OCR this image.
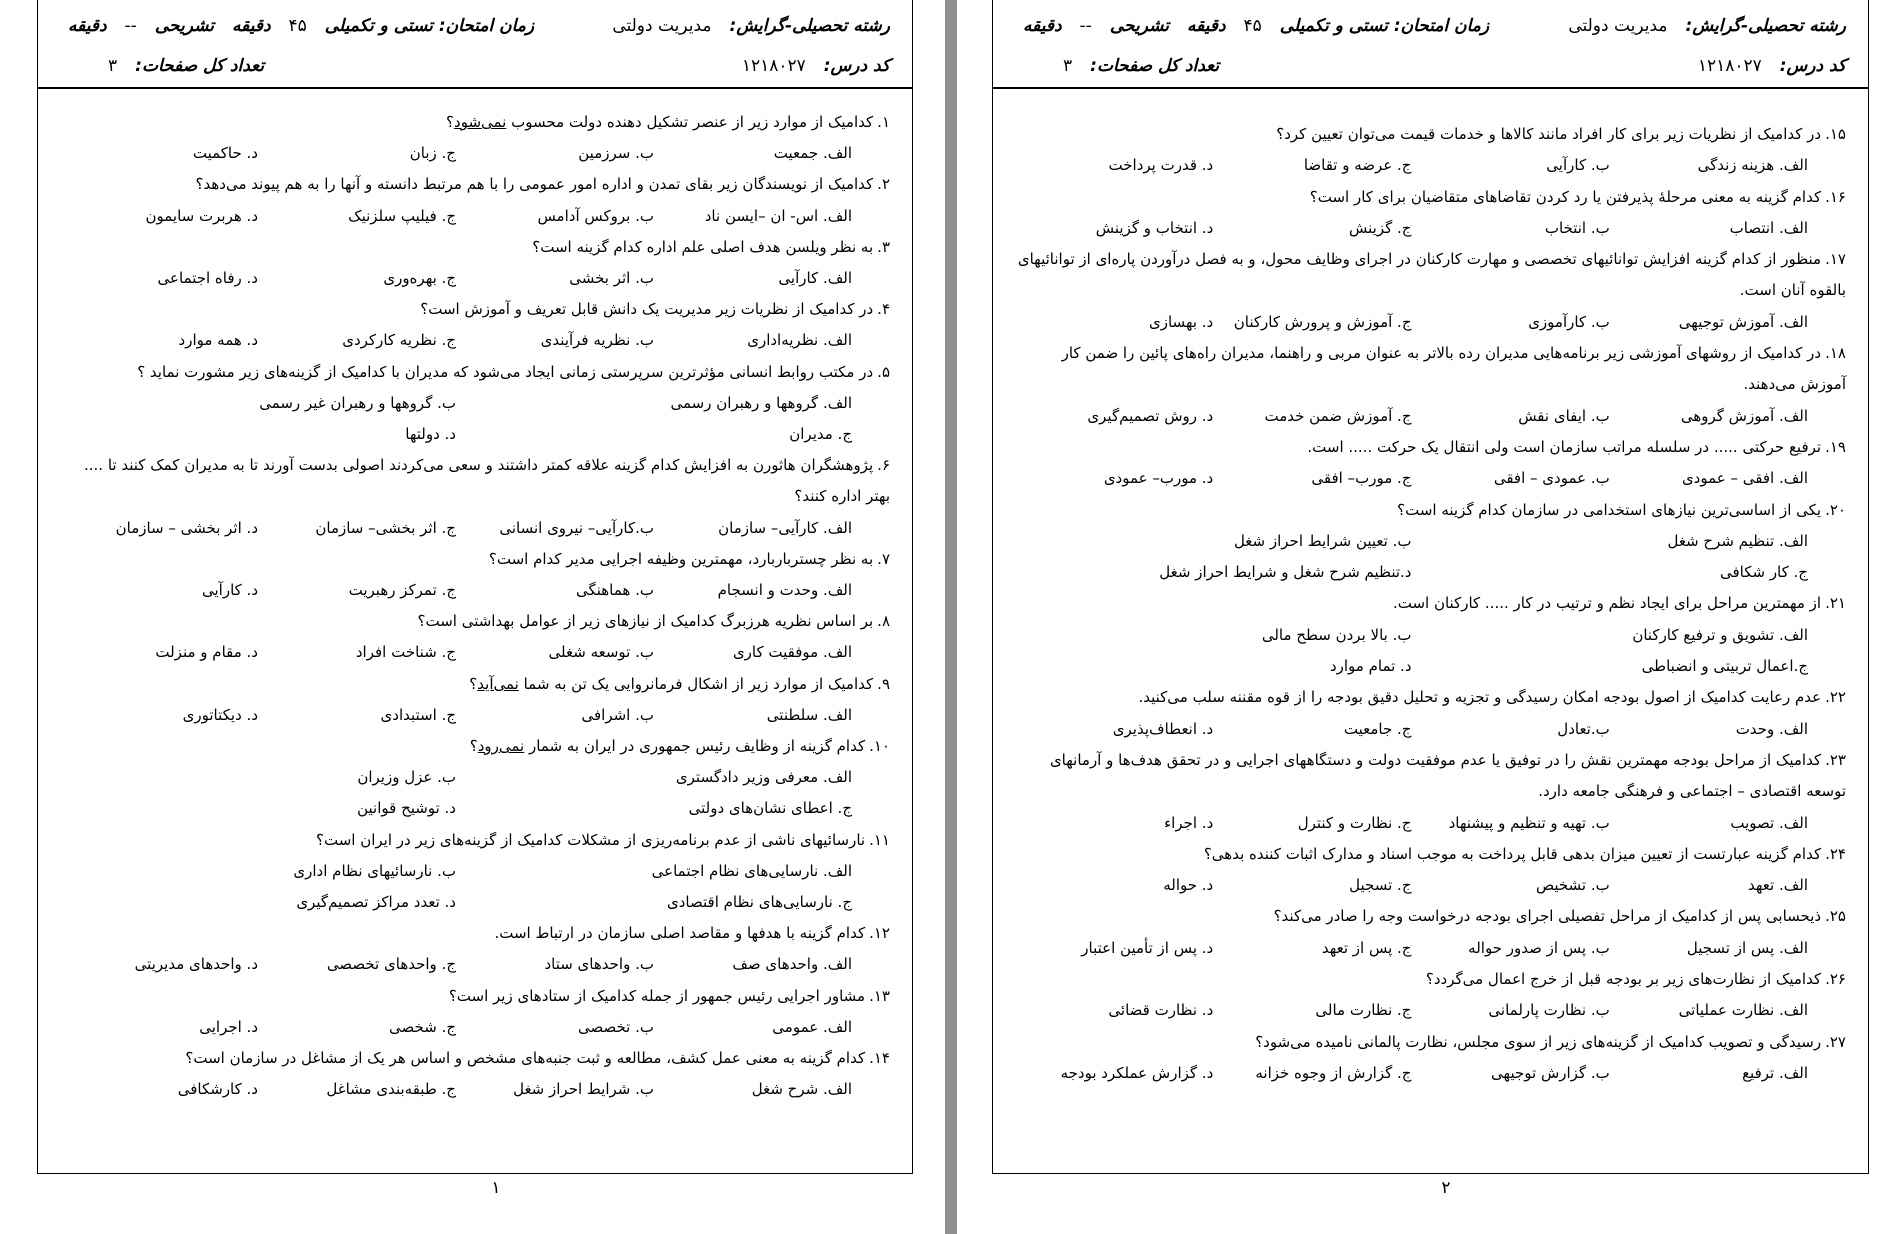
رشته تحصیلی-گرایش:مدیریت دولتی
زمان امتحان: تستی و تکمیلی۴۵دقیقهتشریحی--دقیقه
کد درس:۱۲۱۸۰۲۷
تعداد کل صفحات:۳
۱.کدامیک از موارد زیر از عنصر تشکیل دهنده دولت محسوب نمی‌شود؟
الف. جمعیت
ب. سرزمین
ج. زبان
د. حاکمیت
۲.کدامیک از نویسندگان زیر بقای تمدن و اداره امور عمومی را با هم مرتبط دانسته و آنها را به هم پیوند می‌دهد؟
الف. اس- ان –ایسن ناد
ب. بروکس آدامس
ج. فیلیپ سلزنیک
د. هربرت سایمون
۳.به نظر ویلسن هدف اصلی علم اداره کدام گزینه است؟
الف. کارآیی
ب. اثر بخشی
ج. بهره‌وری
د. رفاه اجتماعی
۴.در کدامیک از نظریات زیر مدیریت یک دانش قابل تعریف و آموزش است؟
الف. نظریه‌اداری
ب. نظریه فرآیندی
ج. نظریه کارکردی
د. همه موارد
۵.در مکتب روابط انسانی مؤثرترین سرپرستی زمانی ایجاد می‌شود که مدیران با کدامیک از گزینه‌های زیر مشورت نماید ؟
الف. گروهها و رهبران رسمی
ب. گروهها و رهبران غیر رسمی
ج. مدیران
د. دولتها
۶.پژوهشگران هاثورن به افزایش کدام گزینه علاقه کمتر داشتند و سعی می‌کردند اصولی بدست آورند تا به مدیران کمک کنند تا .... بهتر اداره کنند؟
الف. کارآیی– سازمان
ب.کارآیی– نیروی انسانی
ج. اثر بخشی– سازمان
د. اثر بخشی – سازمان
۷.به نظر چسترباربارد، مهمترین وظیفه اجرایی مدیر کدام است؟
الف. وحدت و انسجام
ب. هماهنگی
ج. تمرکز رهبریت
د. کارآیی
۸.بر اساس نظریه هرزبرگ کدامیک از نیازهای زیر از عوامل بهداشتی است؟
الف. موفقیت کاری
ب. توسعه شغلی
ج. شناخت افراد
د. مقام و منزلت
۹.کدامیک از موارد زیر از اشکال فرمانروایی یک تن به شما نمی‌آید؟
الف. سلطنتی
ب. اشرافی
ج. استبدادی
د. دیکتاتوری
۱۰.کدام گزینه از وظایف رئیس جمهوری در ایران به شمار نمی‌رود؟
الف. معرفی وزیر دادگستری
ب. عزل وزیران
ج. اعطای نشان‌های دولتی
د. توشیح قوانین
۱۱.نارسائیهای ناشی از عدم برنامه‌ریزی از مشکلات کدامیک از گزینه‌های زیر در ایران است؟
الف. نارسایی‌های نظام اجتماعی
ب. نارسائیهای نظام اداری
ج. نارسایی‌های نظام اقتصادی
د. تعدد مراکز تصمیم‌گیری
۱۲.کدام گزینه با هدفها و مقاصد اصلی سازمان در ارتباط است.
الف. واحدهای صف
ب. واحدهای ستاد
ج. واحدهای تخصصی
د. واحدهای مدیریتی
۱۳.مشاور اجرایی رئیس جمهور از جمله کدامیک از ستادهای زیر است؟
الف. عمومی
ب. تخصصی
ج. شخصی
د. اجرایی
۱۴.کدام گزینه به معنی عمل کشف، مطالعه و ثبت جنبه‌های مشخص و اساس هر یک از مشاغل در سازمان است؟
الف. شرح شغل
ب. شرایط احراز شغل
ج. طبقه‌بندی مشاغل
د. کارشکافی
۱
رشته تحصیلی-گرایش:مدیریت دولتی
زمان امتحان: تستی و تکمیلی۴۵دقیقهتشریحی--دقیقه
کد درس:۱۲۱۸۰۲۷
تعداد کل صفحات:۳
۱۵.در کدامیک از نظریات زیر برای کار افراد مانند کالاها و خدمات قیمت می‌توان تعیین کرد؟
الف. هزینه زندگی
ب. کارآیی
ج. عرضه و تقاضا
د. قدرت پرداخت
۱۶.کدام گزینه به معنی مرحلهٔ پذیرفتن یا رد کردن تقاضاهای متقاضیان برای کار است؟
الف. انتصاب
ب. انتخاب
ج. گزینش
د. انتخاب و گزینش
۱۷.منظور از کدام گزینه افزایش توانائیهای تخصصی و مهارت کارکنان در اجرای وظایف محول، و به فصل درآوردن پاره‌ای از توانائیهای بالقوه آنان است.
الف. آموزش توجیهی
ب. کارآموزی
ج. آموزش و پرورش کارکنان
د. بهسازی
۱۸.در کدامیک از روشهای آموزشی زیر برنامه‌هایی مدیران رده بالاتر به عنوان مربی و راهنما، مدیران راه‌های پائین را ضمن کار آموزش می‌دهند.
الف. آموزش گروهی
ب. ایفای نقش
ج. آموزش ضمن خدمت
د. روش تصمیم‌گیری
۱۹.ترفیع حرکتی ..... در سلسله مراتب سازمان است ولی انتقال یک حرکت ..... است.
الف. افقی – عمودی
ب. عمودی – افقی
ج. مورب– افقی
د. مورب– عمودی
۲۰.یکی از اساسی‌ترین نیازهای استخدامی در سازمان کدام گزینه است؟
الف. تنظیم شرح شغل
ب. تعیین شرایط احراز شغل
ج. کار شکافی
د.تنظیم شرح شغل و شرایط احراز شغل
۲۱.از مهمترین مراحل برای ایجاد نظم و ترتیب در کار ..... کارکنان است.
الف. تشویق و ترفیع کارکنان
ب. بالا بردن سطح مالی
ج.اعمال تربیتی و انضباطی
د. تمام موارد
۲۲.عدم رعایت کدامیک از اصول بودجه امکان رسیدگی و تجزیه و تحلیل دقیق بودجه را از قوه مقننه سلب می‌کنید.
الف. وحدت
ب.تعادل
ج. جامعیت
د. انعطاف‌پذیری
۲۳.کدامیک از مراحل بودجه مهمترین نقش را در توفیق یا عدم موفقیت دولت و دستگاههای اجرایی و در تحقق هدف‌ها و آرمانهای توسعه اقتصادی – اجتماعی و فرهنگی جامعه دارد.
الف. تصویب
ب. تهیه و تنظیم و پیشنهاد
ج. نظارت و کنترل
د. اجراء
۲۴.کدام گزینه عبارتست از تعیین میزان بدهی قابل پرداخت به موجب اسناد و مدارک اثبات کننده بدهی؟
الف. تعهد
ب. تشخیص
ج. تسجیل
د. حواله
۲۵.ذیحسابی پس از کدامیک از مراحل تفصیلی اجرای بودجه درخواست وجه را صادر می‌کند؟
الف. پس از تسجیل
ب. پس از صدور حواله
ج. پس از تعهد
د. پس از تأمین اعتبار
۲۶.کدامیک از نظارت‌های زیر بر بودجه قبل از خرج اعمال می‌گردد؟
الف. نظارت عملیاتی
ب. نظارت پارلمانی
ج. نظارت مالی
د. نظارت قضائی
۲۷.رسیدگی و تصویب کدامیک از گزینه‌های زیر از سوی مجلس، نظارت پالمانی نامیده می‌شود؟
الف. ترفیع
ب. گزارش توجیهی
ج. گزارش از وجوه خزانه
د. گزارش عملکرد بودجه
۲
